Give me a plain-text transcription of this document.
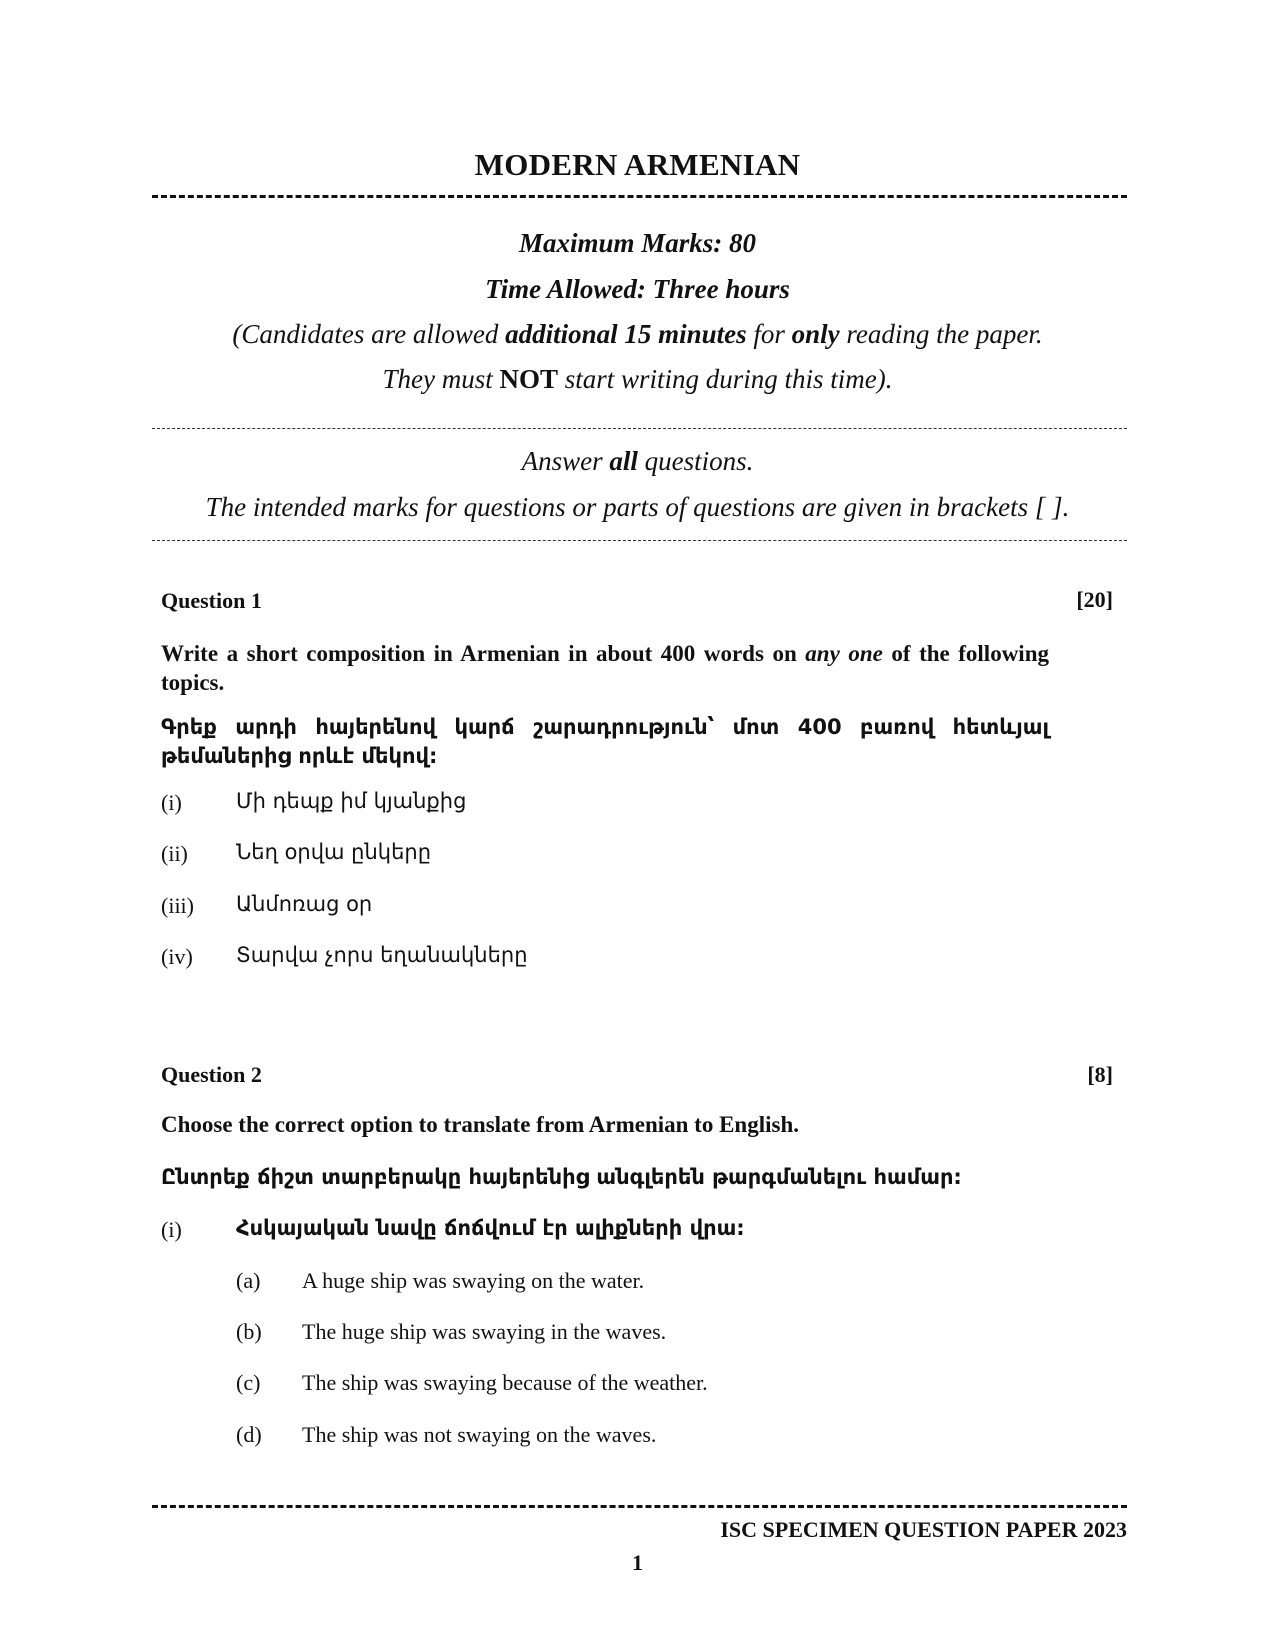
MODERN ARMENIAN
Maximum Marks: 80
Time Allowed: Three hours
(Candidates are allowed additional 15 minutes for only reading the paper.
They must NOT start writing during this time).
Answer all questions.
The intended marks for questions or parts of questions are given in brackets [ ].
Question 1	[20]
Write a short composition in Armenian in about 400 words on any one of the following topics.
Գրեք արդի հայերենով կարճ շարադրություն՝ մոտ 400 բառով հետևյալ թեմաներից որևէ մեկով:
(i)	Մի դեպք իմ կյանքից
(ii) Նեղ օրվա ընկերը
(iii) Անմոռաց օր
(iv) Տարվա չորս եղանակները
Question 2	[8]
Choose the correct option to translate from Armenian to English.
Ընտրեք ճիշտ տարբերակը հայերենից անգլերեն թարգմանելու համար:
(i)	Հսկայական նավը ճոճվում էր ալիքների վրա:
(a) A huge ship was swaying on the water.
(b) The huge ship was swaying in the waves.
(c) The ship was swaying because of the weather.
(d) The ship was not swaying on the waves.
ISC SPECIMEN QUESTION PAPER 2023
1
